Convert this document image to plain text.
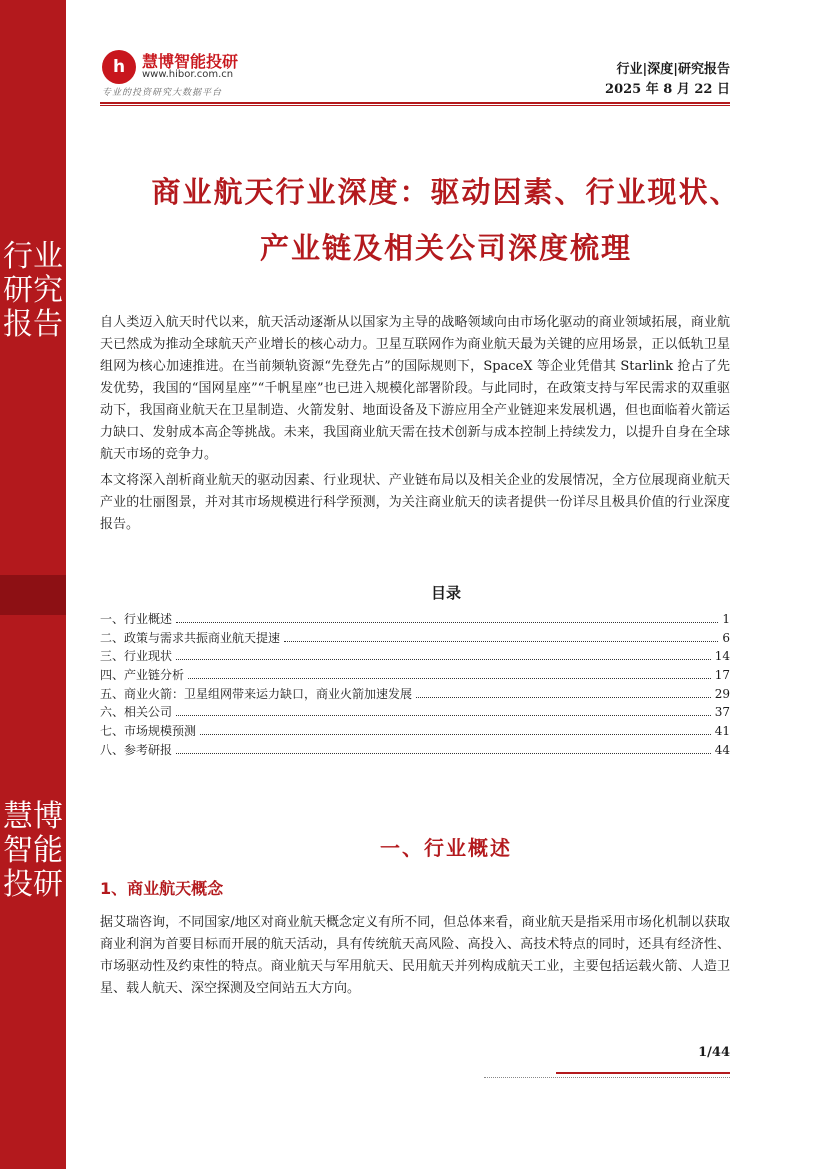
行业研究报告
慧博智能投研
h	慧博智能投研
www.hibor.com.cn
专业的投资研究大数据平台
行业|深度|研究报告
2025 年 8 月 22 日
商业航天行业深度：驱动因素、行业现状、
产业链及相关公司深度梳理

自人类迈入航天时代以来，航天活动逐渐从以国家为主导的战略领域向由市场化驱动的商业领域拓展，商业航天已然成为推动全球航天产业增长的核心动力。卫星互联网作为商业航天最为关键的应用场景，正以低轨卫星组网为核心加速推进。在当前频轨资源“先登先占”的国际规则下，SpaceX 等企业凭借其 Starlink 抢占了先发优势，我国的“国网星座”“千帆星座”也已进入规模化部署阶段。与此同时，在政策支持与军民需求的双重驱动下，我国商业航天在卫星制造、火箭发射、地面设备及下游应用全产业链迎来发展机遇，但也面临着火箭运力缺口、发射成本高企等挑战。未来，我国商业航天需在技术创新与成本控制上持续发力，以提升自身在全球航天市场的竞争力。

本文将深入剖析商业航天的驱动因素、行业现状、产业链布局以及相关企业的发展情况，全方位展现商业航天产业的壮丽图景，并对其市场规模进行科学预测，为关注商业航天的读者提供一份详尽且极具价值的行业深度报告。

目录
一、行业概述	1
二、政策与需求共振商业航天提速	6
三、行业现状	14
四、产业链分析	17
五、商业火箭：卫星组网带来运力缺口，商业火箭加速发展	29
六、相关公司	37
七、市场规模预测	41
八、参考研报	44
一、行业概述
1、商业航天概念

据艾瑞咨询，不同国家/地区对商业航天概念定义有所不同，但总体来看，商业航天是指采用市场化机制以获取商业利润为首要目标而开展的航天活动，具有传统航天高风险、高投入、高技术特点的同时，还具有经济性、市场驱动性及约束性的特点。商业航天与军用航天、民用航天并列构成航天工业，主要包括运载火箭、人造卫星、载人航天、深空探测及空间站五大方向。

1/44
